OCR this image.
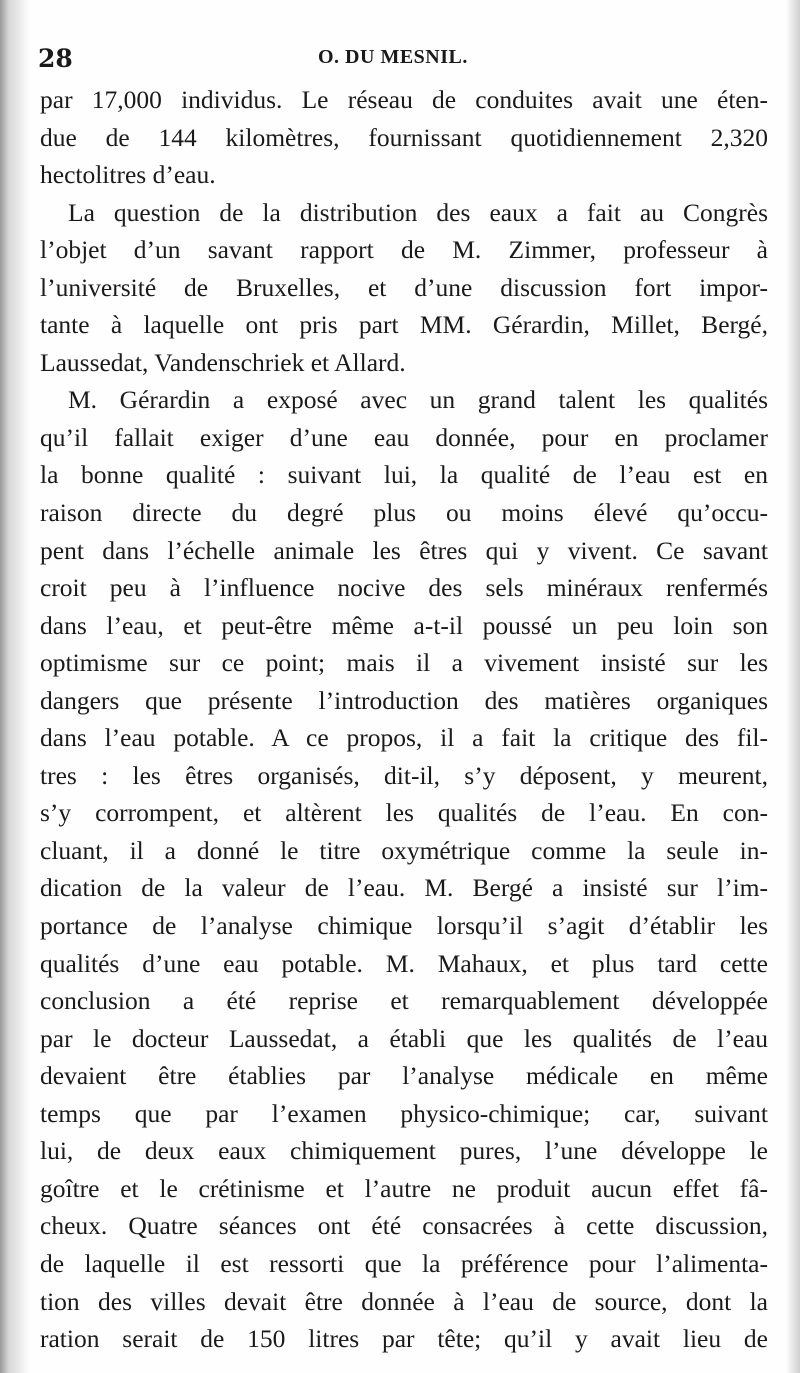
28	O. DU MESNIL.
par 17,000 individus. Le réseau de conduites avait une éten-
due de 144 kilomètres, fournissant quotidiennement 2,320
hectolitres d’eau.
La question de la distribution des eaux a fait au Congrès
l’objet d’un savant rapport de M. Zimmer, professeur à
l’université de Bruxelles, et d’une discussion fort impor-
tante à laquelle ont pris part MM. Gérardin, Millet, Bergé,
Laussedat, Vandenschriek et Allard.
M. Gérardin a exposé avec un grand talent les qualités
qu’il fallait exiger d’une eau donnée, pour en proclamer
la bonne qualité : suivant lui, la qualité de l’eau est en
raison directe du degré plus ou moins élevé qu’occu-
pent dans l’échelle animale les êtres qui y vivent. Ce savant
croit peu à l’influence nocive des sels minéraux renfermés
dans l’eau, et peut-être même a-t-il poussé un peu loin son
optimisme sur ce point; mais il a vivement insisté sur les
dangers que présente l’introduction des matières organiques
dans l’eau potable. A ce propos, il a fait la critique des fil-
tres : les êtres organisés, dit-il, s’y déposent, y meurent,
s’y corrompent, et altèrent les qualités de l’eau. En con-
cluant, il a donné le titre oxymétrique comme la seule in-
dication de la valeur de l’eau. M. Bergé a insisté sur l’im-
portance de l’analyse chimique lorsqu’il s’agit d’établir les
qualités d’une eau potable. M. Mahaux, et plus tard cette
conclusion a été reprise et remarquablement développée
par le docteur Laussedat, a établi que les qualités de l’eau
devaient être établies par l’analyse médicale en même
temps que par l’examen physico-chimique; car, suivant
lui, de deux eaux chimiquement pures, l’une développe le
goître et le crétinisme et l’autre ne produit aucun effet fâ-
cheux. Quatre séances ont été consacrées à cette discussion,
de laquelle il est ressorti que la préférence pour l’alimenta-
tion des villes devait être donnée à l’eau de source, dont la
ration serait de 150 litres par tête; qu’il y avait lieu de
